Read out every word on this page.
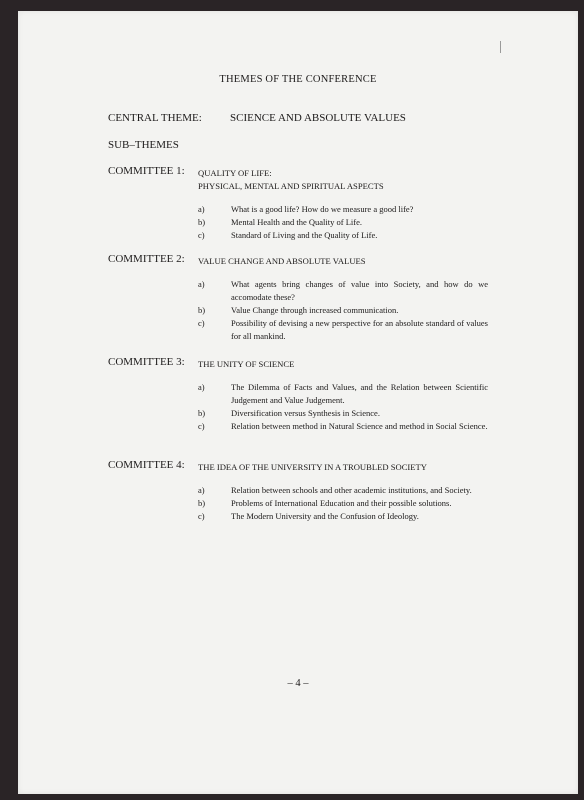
THEMES OF THE CONFERENCE
CENTRAL THEME:	SCIENCE AND ABSOLUTE VALUES
SUB–THEMES
COMMITTEE 1: QUALITY OF LIFE:
PHYSICAL, MENTAL AND SPIRITUAL ASPECTS
a)	What is a good life? How do we measure a good life?
b)	Mental Health and the Quality of Life.
c)	Standard of Living and the Quality of Life.
COMMITTEE 2: VALUE CHANGE AND ABSOLUTE VALUES
a)	What agents bring changes of value into Society, and how do we accomodate these?
b)	Value Change through increased communication.
c)	Possibility of devising a new perspective for an absolute standard of values for all mankind.
COMMITTEE 3: THE UNITY OF SCIENCE
a)	The Dilemma of Facts and Values, and the Relation between Scientific Judgement and Value Judgement.
b)	Diversification versus Synthesis in Science.
c)	Relation between method in Natural Science and method in Social Science.
COMMITTEE 4: THE IDEA OF THE UNIVERSITY IN A TROUBLED SOCIETY
a)	Relation between schools and other academic institutions, and Society.
b)	Problems of International Education and their possible solutions.
c)	The Modern University and the Confusion of Ideology.
– 4 –
